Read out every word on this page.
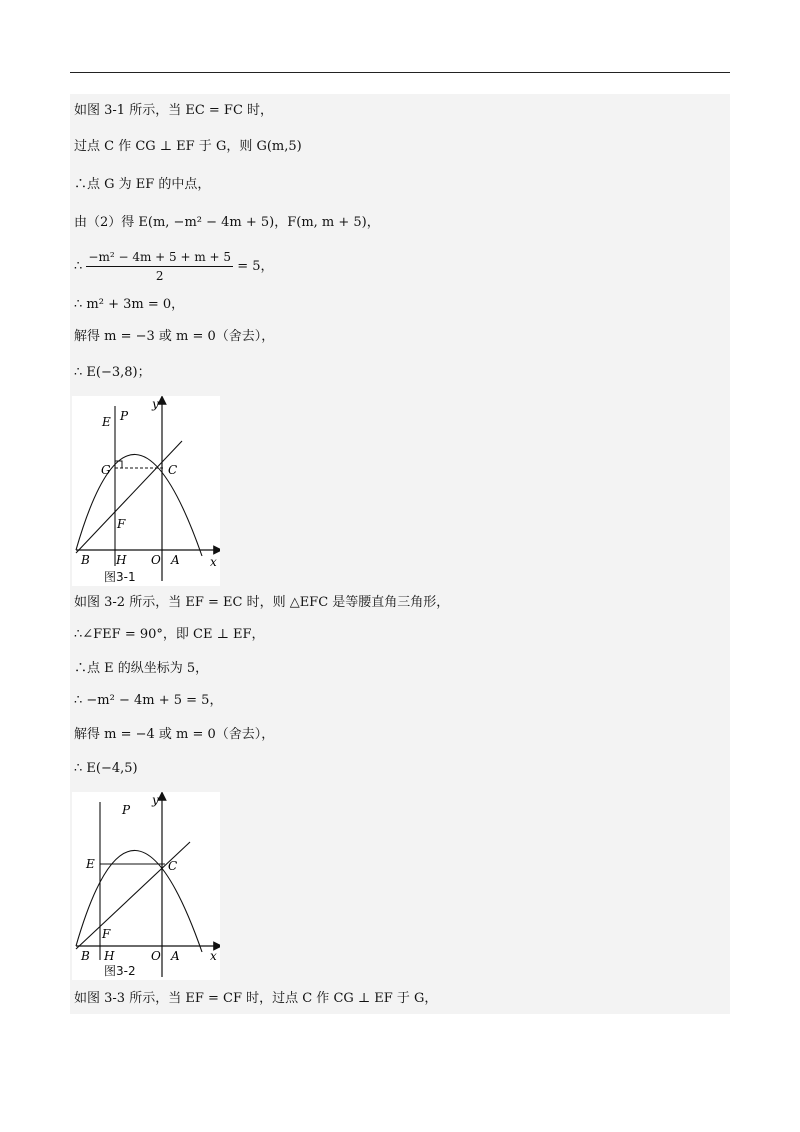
如图 3-1 所示，当 EC = FC 时，
过点 C 作 CG ⊥ EF 于 G，则 G(m,5)
∴点 G 为 EF 的中点，
由（2）得 E(m, −m² − 4m + 5)，F(m, m + 5)，
∴ $\frac{\text{−m² − 4m + 5 + m + 5}}{2} = 5$，
∴ m² + 3m = 0，
解得 m = −3 或 m = 0（舍去），
∴ E(−3,8)；
y
x
P
E
G	C
F
B H O A
图3-1
如图 3-2 所示，当 EF = EC 时，则 △EFC 是等腰直角三角形，
∴∠FEF = 90°，即 CE ⊥ EF，
∴点 E 的纵坐标为 5，
∴ −m² − 4m + 5 = 5，
解得 m = −4 或 m = 0（舍去），
∴ E(−4,5)
y
x
P
E	C
F
B H	O A
图3-2
如图 3-3 所示，当 EF = CF 时，过点 C 作 CG ⊥ EF 于 G，
